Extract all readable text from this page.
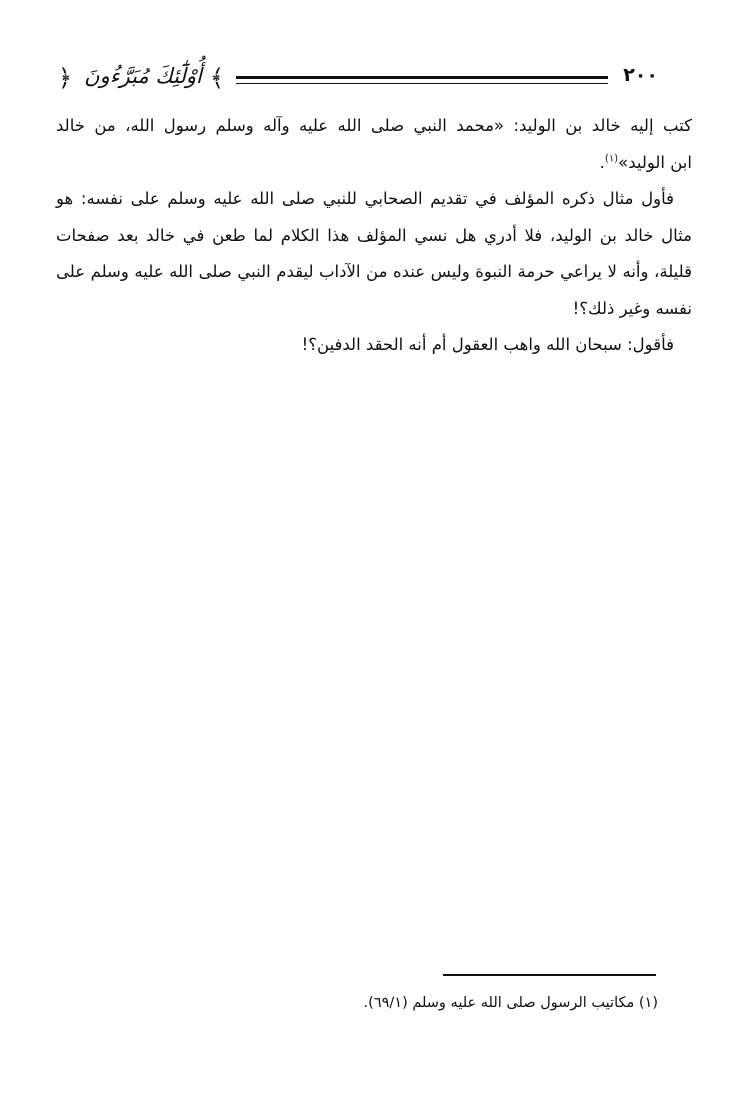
﴿ أُوْلَٰٓئِكَ مُبَرَّءُونَ ﴾	٢٠٠

كتب إليه خالد بن الوليد: «محمد النبي صلى الله عليه وآله وسلم رسول الله، من خالد

ابن الوليد»$^{(١)}$.

فأول مثال ذكره المؤلف في تقديم الصحابي للنبي صلى الله عليه وسلم على نفسه: هو مثال خالد بن الوليد، فلا أدري هل نسي المؤلف هذا الكلام لما طعن في خالد بعد صفحات قليلة، وأنه لا يراعي حرمة النبوة وليس عنده من الآداب ليقدم النبي صلى الله عليه وسلم على نفسه وغير ذلك؟!

فأقول: سبحان الله واهب العقول أم أنه الحقد الدفين؟!

(١) مكاتيب الرسول صلى الله عليه وسلم (٦٩/١).
